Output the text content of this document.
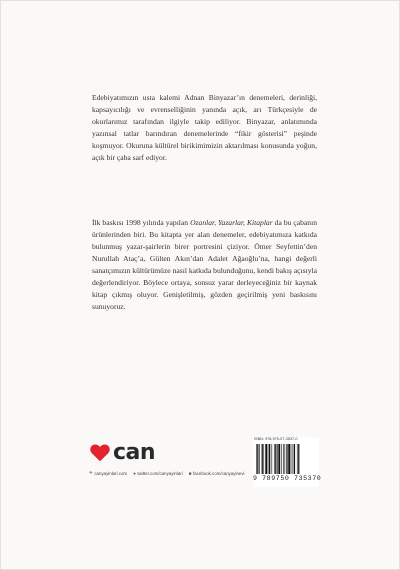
Edebiyatımızın usta kalemi Adnan Binyazar’ın denemeleri, derinliği, kapsayıcılığı ve evrenselliğinin yanında açık, arı Türkçesiyle de okurlarımız tarafından ilgiyle takip ediliyor. Binyazar, anlatımında yazınsal tatlar barındıran denemelerinde “fikir gösterisi” peşinde koşmuyor. Okuruna kültürel birikimimizin aktarılması konusunda yoğun, açık bir çaba sarf ediyor.

İlk baskısı 1998 yılında yapılan Ozanlar, Yazarlar, Kitaplar da bu çabanın ürünlerinden biri. Bu kitapta yer alan denemeler, edebiyatımıza katkıda bulunmuş yazar-şairlerin birer portresini çiziyor. Ömer Seyfettin’den Nurullah Ataç’a, Gülten Akın’dan Adalet Ağaoğlu’na, hangi değerli sanatçımızın kültürümüze nasıl katkıda bulunduğunu, kendi bakış açısıyla değerlendiriyor. Böylece ortaya, sonsuz yarar derleyeceğiniz bir kaynak kitap çıkmış oluyor. Genişletilmiş, gözden geçirilmiş yeni baskısını sunuyoruz.

can
✈ canyayinlari.com ● twitter.com/canyayinlari ■ facebook.com/canyayinevi
ISBN: 978-975-07-3537-0
9 789750 735370
